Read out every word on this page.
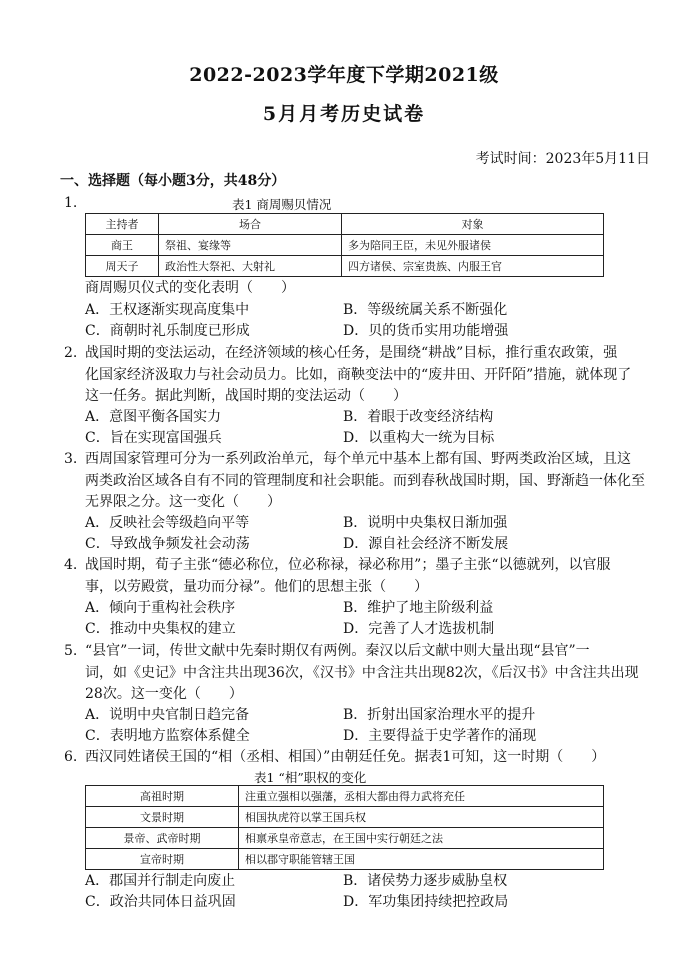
2022-2023学年度下学期2021级
5月月考历史试卷
考试时间：2023年5月11日
一、选择题（每小题3分，共48分）
1.	表1 商周赐贝情况
主持者	场合	对象
商王	祭祖、宴缘等	多为陪同王臣，未见外服诸侯
周天子	政治性大祭祀、大射礼	四方诸侯、宗室贵族、内服王官
商周赐贝仪式的变化表明（　　）
A．王权逐渐实现高度集中	B．等级统属关系不断强化
C．商朝时礼乐制度已形成	D．贝的货币实用功能增强
2. 战国时期的变法运动，在经济领域的核心任务，是围绕“耕战”目标，推行重农政策，强
化国家经济汲取力与社会动员力。比如，商鞅变法中的“废井田、开阡陌”措施，就体现了
这一任务。据此判断，战国时期的变法运动（　　）
A．意图平衡各国实力	B．着眼于改变经济结构
C．旨在实现富国强兵	D．以重构大一统为目标
3. 西周国家管理可分为一系列政治单元，每个单元中基本上都有国、野两类政治区域，且这
两类政治区域各自有不同的管理制度和社会职能。而到春秋战国时期，国、野渐趋一体化至
无界限之分。这一变化（　　）
A．反映社会等级趋向平等	B．说明中央集权日渐加强
C．导致战争频发社会动荡	D．源自社会经济不断发展
4. 战国时期，荀子主张“德必称位，位必称禄，禄必称用”；墨子主张“以德就列，以官服
事，以劳殿赏，量功而分禄”。他们的思想主张（　　）
A．倾向于重构社会秩序	B．维护了地主阶级利益
C．推动中央集权的建立	D．完善了人才选拔机制
5. “县官”一词，传世文献中先秦时期仅有两例。秦汉以后文献中则大量出现“县官”一
词，如《史记》中含注共出现36次，《汉书》中含注共出现82次，《后汉书》中含注共出现
28次。这一变化（　　）
A．说明中央官制日趋完备	B．折射出国家治理水平的提升
C．表明地方监察体系健全	D．主要得益于史学著作的涌现
6. 西汉同姓诸侯王国的“相（丞相、相国）”由朝廷任免。据表1可知，这一时期（　　）
表1 “相”职权的变化
高祖时期	注重立强相以强藩，丞相大都由得力武将充任
文景时期	相国执虎符以掌王国兵权
景帝、武帝时期	相禀承皇帝意志，在王国中实行朝廷之法
宣帝时期	相以郡守职能管辖王国
A．郡国并行制走向废止	B．诸侯势力逐步威胁皇权
C．政治共同体日益巩固	D．军功集团持续把控政局
